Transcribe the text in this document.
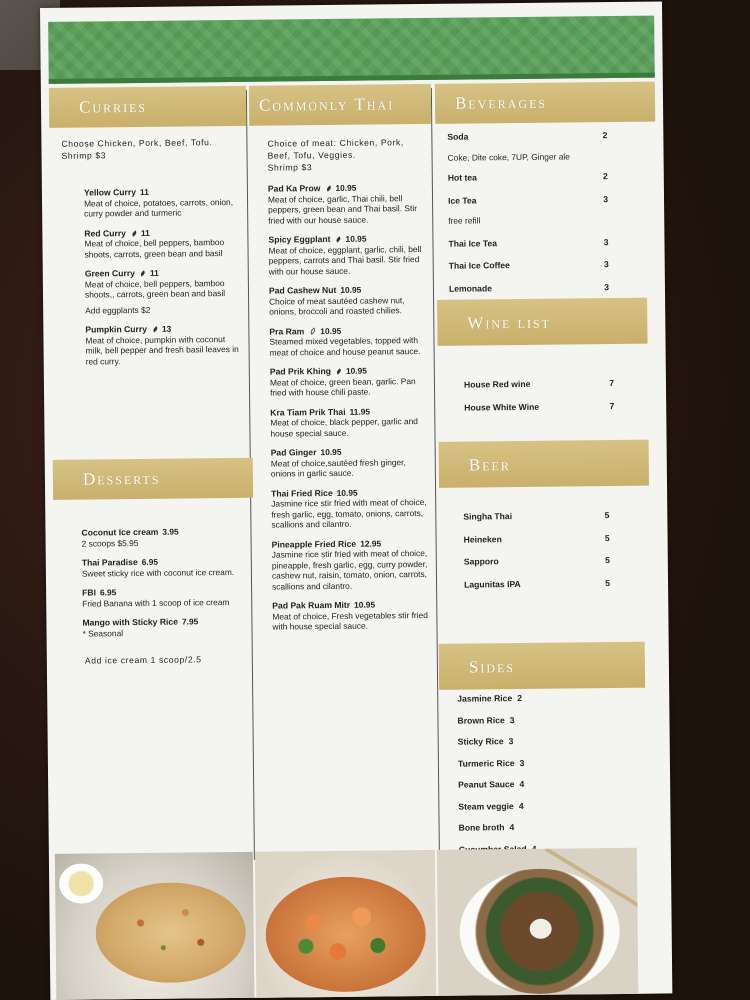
Curries
Choose Chicken, Pork, Beef, Tofu. Shrimp $3
Yellow Curry 11
Meat of choice, potatoes, carrots, onion, curry powder and turmeric
Red Curry 11
Meat of choice, bell peppers, bamboo shoots, carrots, green bean and basil
Green Curry 11
Meat of choice, bell peppers, bamboo shoots,, carrots, green bean and basil
Add eggplants $2
Pumpkin Curry 13
Meat of choice, pumpkin with coconut milk, bell pepper and fresh basil leaves in red curry.
Desserts
Coconut Ice cream 3.95
2 scoops $5.95
Thai Paradise 6.95
Sweet sticky rice with coconut ice cream.
FBI 6.95
Fried Banana with 1 scoop of ice cream
Mango with Sticky Rice 7.95
* Seasonal
Add ice cream 1 scoop/2.5
Commonly Thai
Choice of meat: Chicken, Pork, Beef, Tofu, Veggies.
Shrimp $3
Pad Ka Prow 10.95
Meat of choice, garlic, Thai chili, bell peppers, green bean and Thai basil. Stir fried with our house sauce.
Spicy Eggplant 10.95
Meat of choice, eggplant, garlic, chili, bell peppers, carrots and Thai basil. Stir fried with our house sauce.
Pad Cashew Nut 10.95
Choice of meat sautéed cashew nut, onions, broccoli and roasted chilies.
Pra Ram 10.95
Steamed mixed vegetables, topped with meat of choice and house peanut sauce.
Pad Prik Khing 10.95
Meat of choice, green bean, garlic. Pan fried with house chili paste.
Kra Tiam Prik Thai 11.95
Meat of choice, black pepper, garlic and house special sauce.
Pad Ginger 10.95
Meat of choice,sautéed fresh ginger, onions in garlic sauce.
Thai Fried Rice 10.95
Jasmine rice stir fried with meat of choice, fresh garlic, egg, tomato, onions, carrots, scallions and cilantro.
Pineapple Fried Rice 12.95
Jasmine rice stir fried with meat of choice, pineapple, fresh garlic, egg, curry powder, cashew nut, raisin, tomato, onion, carrots, scallions and cilantro.
Pad Pak Ruam Mitr 10.95
Meat of choice, Fresh vegetables stir fried with house special sauce.
Beverages
Soda	2
Coke, Dite coke, 7UP, Ginger ale
Hot tea	2
Ice Tea	3
free refill
Thai Ice Tea	3
Thai Ice Coffee	3
Lemonade	3
Wine list
House Red wine	7
House White Wine	7
Beer
Singha Thai	5
Heineken	5
Sapporo	5
Lagunitas IPA	5
Sides
Jasmine Rice 2
Brown Rice 3
Sticky Rice 3
Turmeric Rice 3
Peanut Sauce 4
Steam veggie 4
Bone broth 4
